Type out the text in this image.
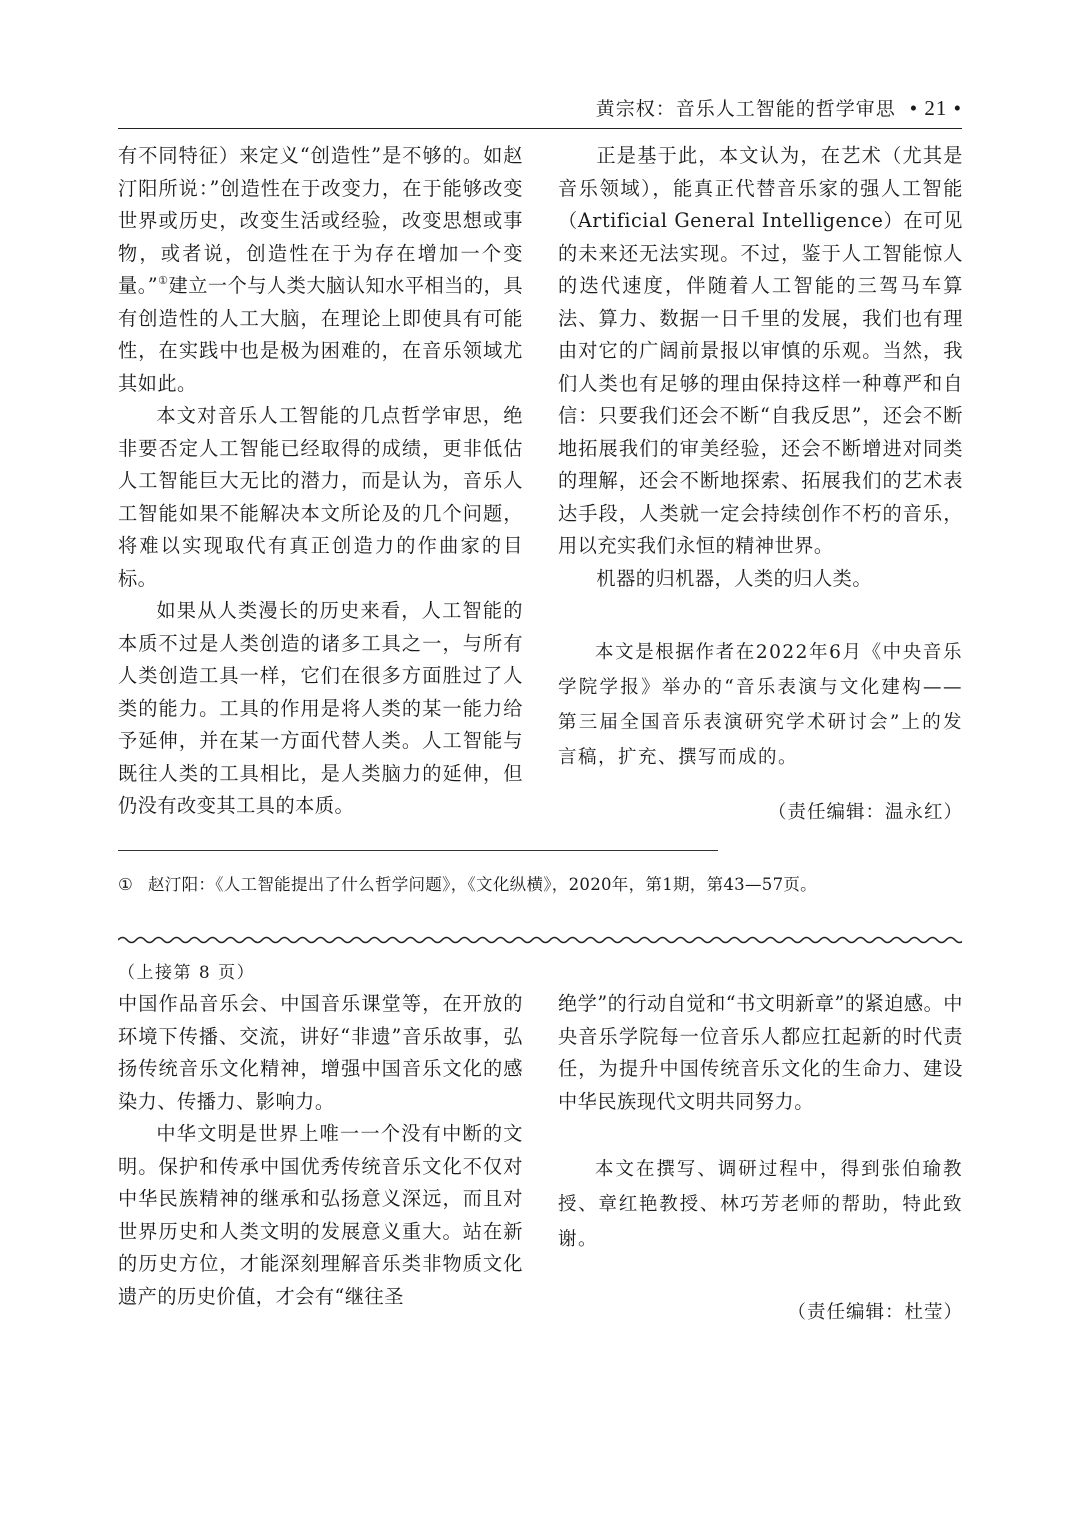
黄宗权：音乐人工智能的哲学审思 • 21 •

有不同特征）来定义“创造性”是不够的。如赵汀阳所说：”创造性在于改变力，在于能够改变世界或历史，改变生活或经验，改变思想或事物，或者说，创造性在于为存在增加一个变量。”①建立一个与人类大脑认知水平相当的，具有创造性的人工大脑，在理论上即使具有可能性，在实践中也是极为困难的，在音乐领域尤其如此。

本文对音乐人工智能的几点哲学审思，绝非要否定人工智能已经取得的成绩，更非低估人工智能巨大无比的潜力，而是认为，音乐人工智能如果不能解决本文所论及的几个问题，将难以实现取代有真正创造力的作曲家的目标。

如果从人类漫长的历史来看，人工智能的本质不过是人类创造的诸多工具之一，与所有人类创造工具一样，它们在很多方面胜过了人类的能力。工具的作用是将人类的某一能力给予延伸，并在某一方面代替人类。人工智能与既往人类的工具相比，是人类脑力的延伸，但仍没有改变其工具的本质。

正是基于此，本文认为，在艺术（尤其是音乐领域），能真正代替音乐家的强人工智能（Artificial General Intelligence）在可见的未来还无法实现。不过，鉴于人工智能惊人的迭代速度，伴随着人工智能的三驾马车算法、算力、数据一日千里的发展，我们也有理由对它的广阔前景报以审慎的乐观。当然，我们人类也有足够的理由保持这样一种尊严和自信：只要我们还会不断“自我反思”，还会不断地拓展我们的审美经验，还会不断增进对同类的理解，还会不断地探索、拓展我们的艺术表达手段，人类就一定会持续创作不朽的音乐，用以充实我们永恒的精神世界。

机器的归机器，人类的归人类。

本文是根据作者在2022年6月《中央音乐学院学报》举办的“音乐表演与文化建构——第三届全国音乐表演研究学术研讨会”上的发言稿，扩充、撰写而成的。

（责任编辑：温永红）

① 赵汀阳：《人工智能提出了什么哲学问题》，《文化纵横》，2020年，第1期，第43—57页。
（上接第 8 页）

中国作品音乐会、中国音乐课堂等，在开放的环境下传播、交流，讲好“非遗”音乐故事，弘扬传统音乐文化精神，增强中国音乐文化的感染力、传播力、影响力。

中华文明是世界上唯一一个没有中断的文明。保护和传承中国优秀传统音乐文化不仅对中华民族精神的继承和弘扬意义深远，而且对世界历史和人类文明的发展意义重大。站在新的历史方位，才能深刻理解音乐类非物质文化遗产的历史价值，才会有“继往圣

绝学”的行动自觉和“书文明新章”的紧迫感。中央音乐学院每一位音乐人都应扛起新的时代责任，为提升中国传统音乐文化的生命力、建设中华民族现代文明共同努力。

本文在撰写、调研过程中，得到张伯瑜教授、章红艳教授、林巧芳老师的帮助，特此致谢。

（责任编辑：杜莹）
